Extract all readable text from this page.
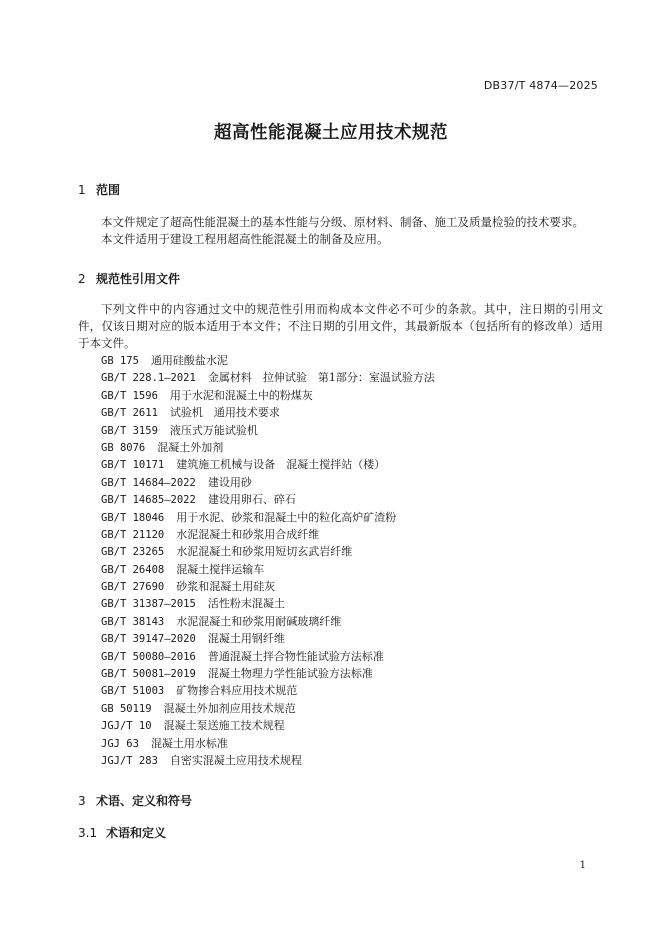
DB37/T 4874—2025
超高性能混凝土应用技术规范
1 范围

本文件规定了超高性能混凝土的基本性能与分级、原材料、制备、施工及质量检验的技术要求。

本文件适用于建设工程用超高性能混凝土的制备及应用。

2 规范性引用文件

下列文件中的内容通过文中的规范性引用而构成本文件必不可少的条款。其中，注日期的引用文件，仅该日期对应的版本适用于本文件；不注日期的引用文件，其最新版本（包括所有的修改单）适用于本文件。

GB 175 通用硅酸盐水泥
GB/T 228.1—2021 金属材料　拉伸试验　第1部分：室温试验方法
GB/T 1596 用于水泥和混凝土中的粉煤灰
GB/T 2611 试验机　通用技术要求
GB/T 3159 液压式万能试验机
GB 8076 混凝土外加剂
GB/T 10171 建筑施工机械与设备　混凝土搅拌站（楼）
GB/T 14684—2022 建设用砂
GB/T 14685—2022 建设用卵石、碎石
GB/T 18046 用于水泥、砂浆和混凝土中的粒化高炉矿渣粉
GB/T 21120 水泥混凝土和砂浆用合成纤维
GB/T 23265 水泥混凝土和砂浆用短切玄武岩纤维
GB/T 26408 混凝土搅拌运输车
GB/T 27690 砂浆和混凝土用硅灰
GB/T 31387—2015 活性粉末混凝土
GB/T 38143 水泥混凝土和砂浆用耐碱玻璃纤维
GB/T 39147—2020 混凝土用钢纤维
GB/T 50080—2016 普通混凝土拌合物性能试验方法标准
GB/T 50081—2019 混凝土物理力学性能试验方法标准
GB/T 51003 矿物掺合料应用技术规范
GB 50119 混凝土外加剂应用技术规范
JGJ/T 10 混凝土泵送施工技术规程
JGJ 63 混凝土用水标准
JGJ/T 283 自密实混凝土应用技术规程
3 术语、定义和符号
3.1 术语和定义
1
